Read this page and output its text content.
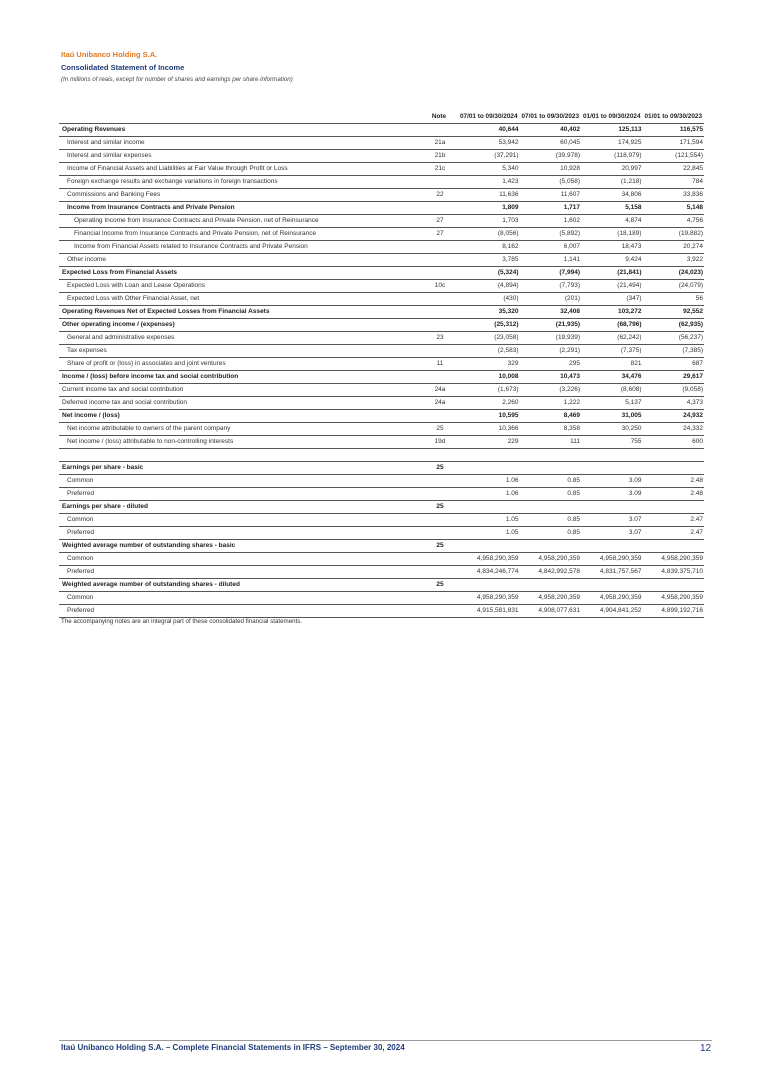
Itaú Unibanco Holding S.A.
Consolidated Statement of Income
(In millions of reais, except for number of shares and earnings per share information)
	Note	07/01 to 09/30/2024	07/01 to 09/30/2023	01/01 to 09/30/2024	01/01 to 09/30/2023
Operating Revenues		40,644	40,402	125,113	116,575
Interest and similar income	21a	53,942	60,045	174,925	171,594
Interest and similar expenses	21b	(37,291)	(39,978)	(118,979)	(121,554)
Income of Financial Assets and Liabilities at Fair Value through Profit or Loss	21c	5,340	10,928	20,997	22,845
Foreign exchange results and exchange variations in foreign transactions		1,423	(5,058)	(1,218)	784
Commissions and Banking Fees	22	11,636	11,607	34,806	33,836
Income from Insurance Contracts and Private Pension		1,809	1,717	5,158	5,148
Operating Income from Insurance Contracts and Private Pension, net of Reinsurance	27	1,703	1,602	4,874	4,756
Financial Income from Insurance Contracts and Private Pension, net of Reinsurance	27	(8,056)	(5,892)	(18,189)	(19,882)
Income from Financial Assets related to Insurance Contracts and Private Pension		8,162	6,007	18,473	20,274
Other income		3,785	1,141	9,424	3,922
Expected Loss from Financial Assets		(5,324)	(7,994)	(21,841)	(24,023)
Expected Loss with Loan and Lease Operations	10c	(4,894)	(7,793)	(21,494)	(24,079)
Expected Loss with Other Financial Asset, net		(430)	(201)	(347)	56
Operating Revenues Net of Expected Losses from Financial Assets		35,320	32,408	103,272	92,552
Other operating income / (expenses)		(25,312)	(21,935)	(68,796)	(62,935)
General and administrative expenses	23	(23,058)	(19,939)	(62,242)	(56,237)
Tax expenses		(2,583)	(2,291)	(7,375)	(7,385)
Share of profit or (loss) in associates and joint ventures	11	329	295	821	687
Income / (loss) before income tax and social contribution		10,008	10,473	34,476	29,617
Current income tax and social contribution	24a	(1,673)	(3,226)	(8,608)	(9,058)
Deferred income tax and social contribution	24a	2,260	1,222	5,137	4,373
Net income / (loss)		10,595	8,469	31,005	24,932
Net income attributable to owners of the parent company	25	10,366	8,358	30,250	24,332
Net income / (loss) attributable to non-controlling interests	19d	229	111	755	600

Earnings per share - basic	25				
Common		1.06	0.85	3.09	2.48
Preferred		1.06	0.85	3.09	2.48
Earnings per share - diluted	25				
Common		1.05	0.85	3.07	2.47
Preferred		1.05	0.85	3.07	2.47
Weighted average number of outstanding shares - basic	25				
Common		4,958,290,359	4,958,290,359	4,958,290,359	4,958,290,359
Preferred		4,834,246,774	4,842,992,578	4,831,757,567	4,839,375,710
Weighted average number of outstanding shares - diluted	25				
Common		4,958,290,359	4,958,290,359	4,958,290,359	4,958,290,359
Preferred		4,915,581,831	4,908,077,631	4,904,841,252	4,899,192,716
The accompanying notes are an integral part of these consolidated financial statements.
Itaú Unibanco Holding S.A. – Complete Financial Statements in IFRS – September 30, 2024	12
